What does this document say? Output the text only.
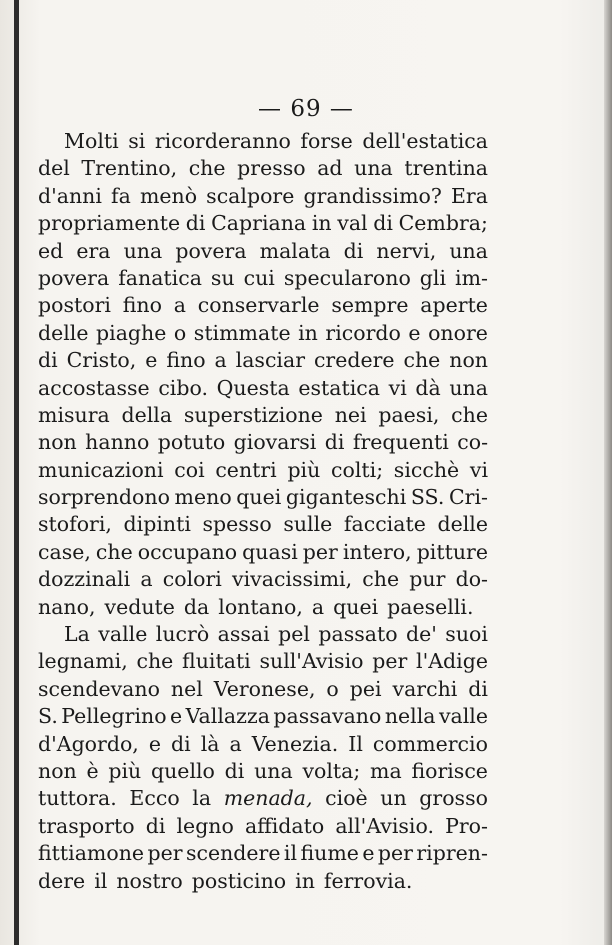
— 69 —
Molti si ricorderanno forse dell'estatica
del Trentino, che presso ad una trentina
d'anni fa menò scalpore grandissimo? Era
propriamente di Capriana in val di Cembra;
ed era una povera malata di nervi, una
povera fanatica su cui specularono gli im-
postori fino a conservarle sempre aperte
delle piaghe o stimmate in ricordo e onore
di Cristo, e fino a lasciar credere che non
accostasse cibo. Questa estatica vi dà una
misura della superstizione nei paesi, che
non hanno potuto giovarsi di frequenti co-
municazioni coi centri più colti; sicchè vi
sorprendono meno quei giganteschi SS. Cri-
stofori, dipinti spesso sulle facciate delle
case, che occupano quasi per intero, pitture
dozzinali a colori vivacissimi, che pur do-
nano, vedute da lontano, a quei paeselli.
La valle lucrò assai pel passato de' suoi
legnami, che fluitati sull'Avisio per l'Adige
scendevano nel Veronese, o pei varchi di
S. Pellegrino e Vallazza passavano nella valle
d'Agordo, e di là a Venezia. Il commercio
non è più quello di una volta; ma fiorisce
tuttora. Ecco la menada, cioè un grosso
trasporto di legno affidato all'Avisio. Pro-
fittiamone per scendere il fiume e per ripren-
dere il nostro posticino in ferrovia.
